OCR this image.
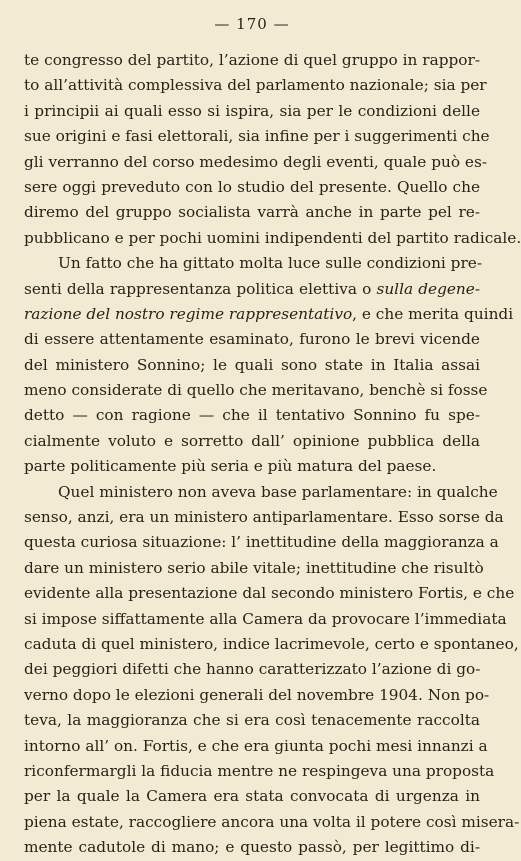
— 170 —

te congresso del partito, l’azione di quel gruppo in rappor-
to all’attività complessiva del parlamento nazionale; sia per
i principii ai quali esso si ispira, sia per le condizioni delle
sue origini e fasi elettorali, sia infine per i suggerimenti che
gli verranno del corso medesimo degli eventi, quale può es-
sere oggi preveduto con lo studio del presente. Quello che
diremo del gruppo socialista varrà anche in parte pel re-
pubblicano e per pochi uomini indipendenti del partito radicale.

Un fatto che ha gittato molta luce sulle condizioni pre-
senti della rappresentanza politica elettiva o sulla degene-
razione del nostro regime rappresentativo, e che merita quindi
di essere attentamente esaminato, furono le brevi vicende
del ministero Sonnino; le quali sono state in Italia assai
meno considerate di quello che meritavano, benchè si fosse
detto — con ragione — che il tentativo Sonnino fu spe-
cialmente voluto e sorretto dall’ opinione pubblica della
parte politicamente più seria e più matura del paese.

Quel ministero non aveva base parlamentare: in qualche
senso, anzi, era un ministero antiparlamentare. Esso sorse da
questa curiosa situazione: l’ inettitudine della maggioranza a
dare un ministero serio abile vitale; inettitudine che risultò
evidente alla presentazione dal secondo ministero Fortis, e che
si impose siffattamente alla Camera da provocare l’immediata
caduta di quel ministero, indice lacrimevole, certo e spontaneo,
dei peggiori difetti che hanno caratterizzato l’azione di go-
verno dopo le elezioni generali del novembre 1904. Non po-
teva, la maggioranza che si era così tenacemente raccolta
intorno all’ on. Fortis, e che era giunta pochi mesi innanzi a
riconfermargli la fiducia mentre ne respingeva una proposta
per la quale la Camera era stata convocata di urgenza in
piena estate, raccogliere ancora una volta il potere così misera-
mente cadutole di mano; e questo passò, per legittimo di-
